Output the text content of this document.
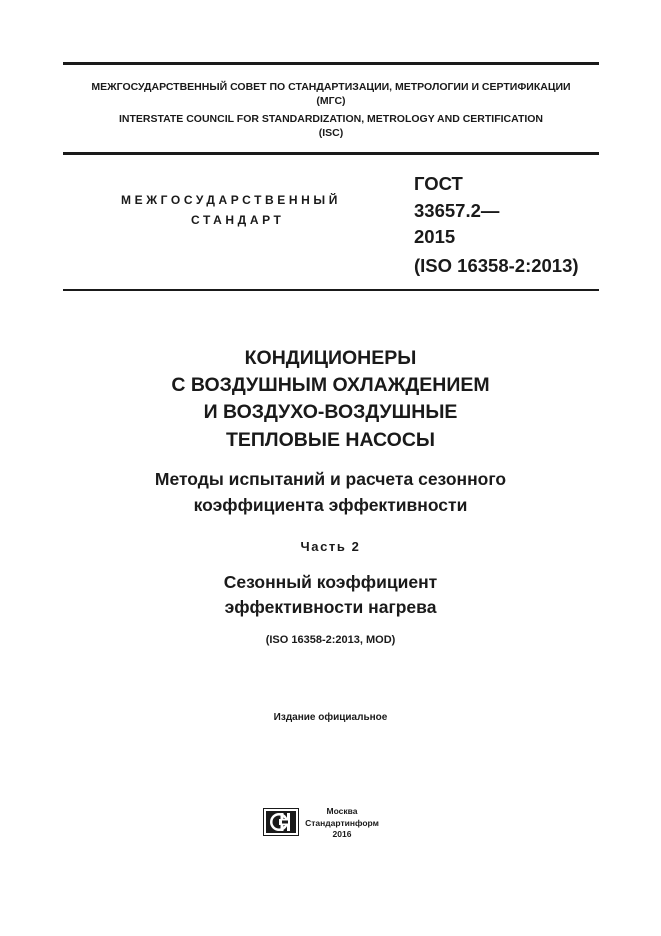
МЕЖГОСУДАРСТВЕННЫЙ СОВЕТ ПО СТАНДАРТИЗАЦИИ, МЕТРОЛОГИИ И СЕРТИФИКАЦИИ
(МГС)
INTERSTATE COUNCIL FOR STANDARDIZATION, METROLOGY AND CERTIFICATION
(ISC)
МЕЖГОСУДАРСТВЕННЫЙ
СТАНДАРТ
ГОСТ
33657.2—
2015
(ISO 16358-2:2013)
КОНДИЦИОНЕРЫ
С ВОЗДУШНЫМ ОХЛАЖДЕНИЕМ
И ВОЗДУХО-ВОЗДУШНЫЕ
ТЕПЛОВЫЕ НАСОСЫ
Методы испытаний и расчета сезонного
коэффициента эффективности
Часть 2
Сезонный коэффициент
эффективности нагрева
(ISO 16358-2:2013, MOD)
Издание официальное
Москва
Стандартинформ
2016
